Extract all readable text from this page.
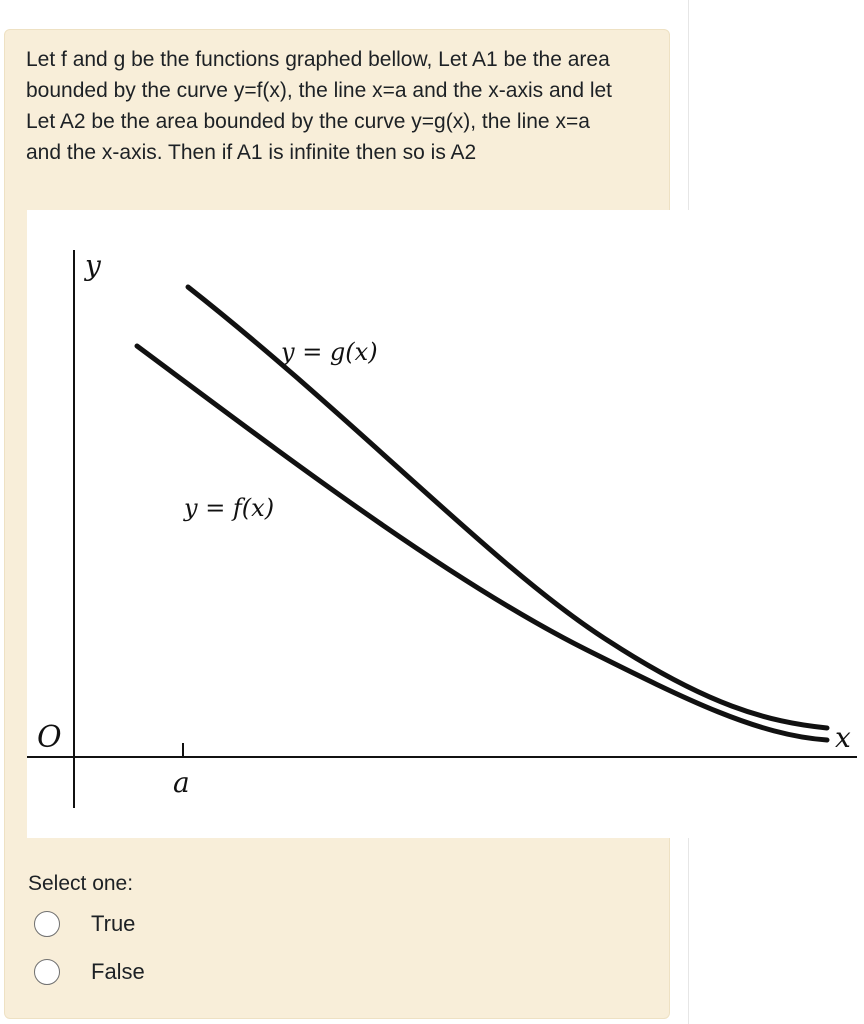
Let f and g be the functions graphed bellow, Let A1 be the area bounded by the curve y=f(x), the line x=a and the x-axis and let Let A2 be the area bounded by the curve y=g(x), the line x=a and the x-axis. Then if A1 is infinite then so is A2

y
x
O
a
y = g(x)
y = f(x)
Select one:
True
False
